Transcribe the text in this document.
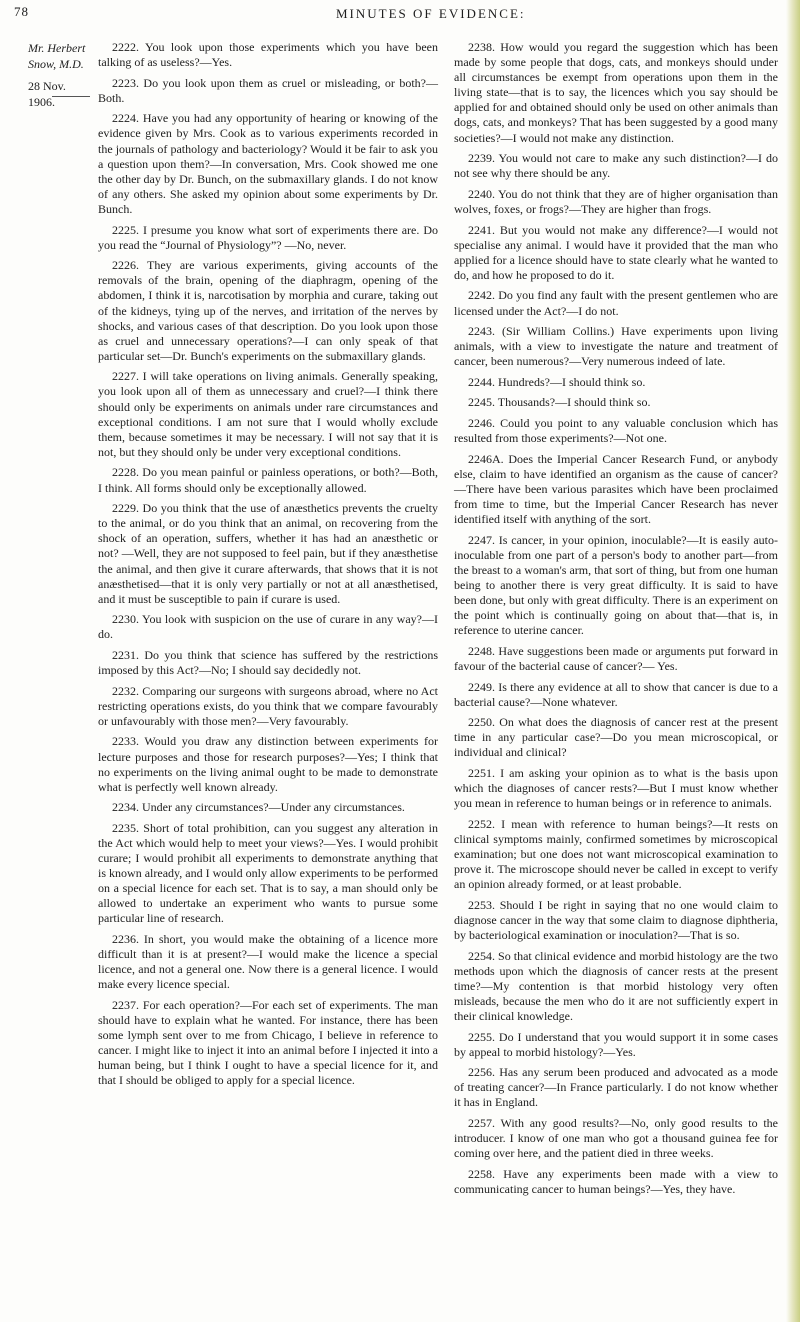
78	MINUTES OF EVIDENCE:
Mr. Herbert
Snow, M.D.
28 Nov. 1906.

2222. You look upon those experiments which you have been talking of as useless?—Yes.

2223. Do you look upon them as cruel or misleading, or both?—Both.

2224. Have you had any opportunity of hearing or knowing of the evidence given by Mrs. Cook as to various experiments recorded in the journals of pathology and bacteriology? Would it be fair to ask you a question upon them?—In conversation, Mrs. Cook showed me one the other day by Dr. Bunch, on the submaxillary glands. I do not know of any others. She asked my opinion about some experiments by Dr. Bunch.

2225. I presume you know what sort of experiments there are. Do you read the “Journal of Physiology”? —No, never.

2226. They are various experiments, giving accounts of the removals of the brain, opening of the diaphragm, opening of the abdomen, I think it is, narcotisation by morphia and curare, taking out of the kidneys, tying up of the nerves, and irritation of the nerves by shocks, and various cases of that description. Do you look upon those as cruel and unnecessary operations?—I can only speak of that particular set—Dr. Bunch's experiments on the submaxillary glands.

2227. I will take operations on living animals. Generally speaking, you look upon all of them as unnecessary and cruel?—I think there should only be experiments on animals under rare circumstances and exceptional conditions. I am not sure that I would wholly exclude them, because sometimes it may be necessary. I will not say that it is not, but they should only be under very exceptional conditions.

2228. Do you mean painful or painless operations, or both?—Both, I think. All forms should only be exceptionally allowed.

2229. Do you think that the use of anæsthetics prevents the cruelty to the animal, or do you think that an animal, on recovering from the shock of an operation, suffers, whether it has had an anæsthetic or not? —Well, they are not supposed to feel pain, but if they anæsthetise the animal, and then give it curare afterwards, that shows that it is not anæsthetised—that it is only very partially or not at all anæsthetised, and it must be susceptible to pain if curare is used.

2230. You look with suspicion on the use of curare in any way?—I do.

2231. Do you think that science has suffered by the restrictions imposed by this Act?—No; I should say decidedly not.

2232. Comparing our surgeons with surgeons abroad, where no Act restricting operations exists, do you think that we compare favourably or unfavourably with those men?—Very favourably.

2233. Would you draw any distinction between experiments for lecture purposes and those for research purposes?—Yes; I think that no experiments on the living animal ought to be made to demonstrate what is perfectly well known already.

2234. Under any circumstances?—Under any circumstances.

2235. Short of total prohibition, can you suggest any alteration in the Act which would help to meet your views?—Yes. I would prohibit curare; I would prohibit all experiments to demonstrate anything that is known already, and I would only allow experiments to be performed on a special licence for each set. That is to say, a man should only be allowed to undertake an experiment who wants to pursue some particular line of research.

2236. In short, you would make the obtaining of a licence more difficult than it is at present?—I would make the licence a special licence, and not a general one. Now there is a general licence. I would make every licence special.

2237. For each operation?—For each set of experiments. The man should have to explain what he wanted. For instance, there has been some lymph sent over to me from Chicago, I believe in reference to cancer. I might like to inject it into an animal before I injected it into a human being, but I think I ought to have a special licence for it, and that I should be obliged to apply for a special licence.

2238. How would you regard the suggestion which has been made by some people that dogs, cats, and monkeys should under all circumstances be exempt from operations upon them in the living state—that is to say, the licences which you say should be applied for and obtained should only be used on other animals than dogs, cats, and monkeys? That has been suggested by a good many societies?—I would not make any distinction.

2239. You would not care to make any such distinction?—I do not see why there should be any.

2240. You do not think that they are of higher organisation than wolves, foxes, or frogs?—They are higher than frogs.

2241. But you would not make any difference?—I would not specialise any animal. I would have it provided that the man who applied for a licence should have to state clearly what he wanted to do, and how he proposed to do it.

2242. Do you find any fault with the present gentlemen who are licensed under the Act?—I do not.

2243. (Sir William Collins.) Have experiments upon living animals, with a view to investigate the nature and treatment of cancer, been numerous?—Very numerous indeed of late.

2244. Hundreds?—I should think so.

2245. Thousands?—I should think so.

2246. Could you point to any valuable conclusion which has resulted from those experiments?—Not one.

2246A. Does the Imperial Cancer Research Fund, or anybody else, claim to have identified an organism as the cause of cancer?—There have been various parasites which have been proclaimed from time to time, but the Imperial Cancer Research has never identified itself with anything of the sort.

2247. Is cancer, in your opinion, inoculable?—It is easily auto-inoculable from one part of a person's body to another part—from the breast to a woman's arm, that sort of thing, but from one human being to another there is very great difficulty. It is said to have been done, but only with great difficulty. There is an experiment on the point which is continually going on about that—that is, in reference to uterine cancer.

2248. Have suggestions been made or arguments put forward in favour of the bacterial cause of cancer?— Yes.

2249. Is there any evidence at all to show that cancer is due to a bacterial cause?—None whatever.

2250. On what does the diagnosis of cancer rest at the present time in any particular case?—Do you mean microscopical, or individual and clinical?

2251. I am asking your opinion as to what is the basis upon which the diagnoses of cancer rests?—But I must know whether you mean in reference to human beings or in reference to animals.

2252. I mean with reference to human beings?—It rests on clinical symptoms mainly, confirmed sometimes by microscopical examination; but one does not want microscopical examination to prove it. The microscope should never be called in except to verify an opinion already formed, or at least probable.

2253. Should I be right in saying that no one would claim to diagnose cancer in the way that some claim to diagnose diphtheria, by bacteriological examination or inoculation?—That is so.

2254. So that clinical evidence and morbid histology are the two methods upon which the diagnosis of cancer rests at the present time?—My contention is that morbid histology very often misleads, because the men who do it are not sufficiently expert in their clinical knowledge.

2255. Do I understand that you would support it in some cases by appeal to morbid histology?—Yes.

2256. Has any serum been produced and advocated as a mode of treating cancer?—In France particularly. I do not know whether it has in England.

2257. With any good results?—No, only good results to the introducer. I know of one man who got a thousand guinea fee for coming over here, and the patient died in three weeks.

2258. Have any experiments been made with a view to communicating cancer to human beings?—Yes, they have.
